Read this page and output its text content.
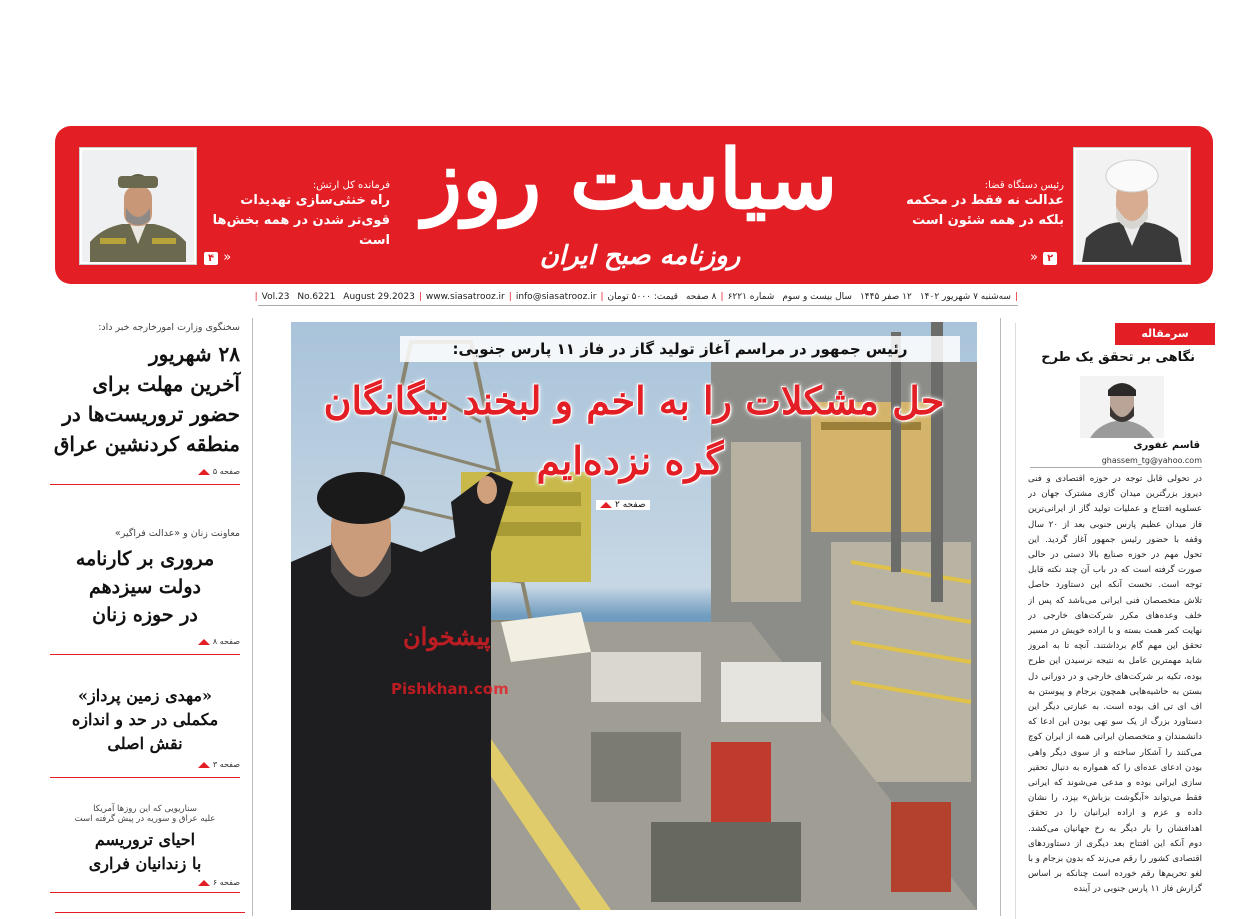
سیاست روز
روزنامه صبح ایران
فرمانده کل ارتش:
راه خنثی‌سازی تهدیدات
قوی‌تر شدن در همه بخش‌ها است
۴ »
رئیس دستگاه قضا:
عدالت نه فقط در محکمه
بلکه در همه شئون است
» ۲
|
سه‌شنبه ۷ شهریور ۱۴۰۲
۱۲ صفر ۱۴۴۵
سال بیست و سوم
شماره ۶۲۲۱
|
۸ صفحه
قیمت: ۵۰۰۰ تومان
|
info@siasatrooz.ir
|
www.siasatrooz.ir
|
August 29.2023
No.6221
Vol.23
|
سخنگوی وزارت امورخارجه خبر داد:
۲۸ شهریور
آخرین مهلت برای
حضور تروریست‌ها در
منطقه کردنشین عراق
صفحه ۵
معاونت زنان و «عدالت فراگیر»
مروری بر کارنامه
دولت سیزدهم
در حوزه زنان
صفحه ۸
«مهدی زمین پرداز»
مکملی در حد و اندازه
نقش اصلی
صفحه ۳
سناریویی که این روزها آمریکا
علیه عراق و سوریه در پیش گرفته است
احیای تروریسم
با زندانیان فراری
صفحه ۶
پیشخوان
Pishkhan.com
رئیس جمهور در مراسم آغاز تولید گاز در فاز ۱۱ پارس جنوبی:
حل مشکلات را به اخم و لبخند بیگانگان
گره نزده‌ایم
صفحه ۲
سرمقاله
نگاهی بر تحقق یک طرح
قاسم غفوری
ghassem_tg@yahoo.com
در تحولی قابل توجه در حوزه اقتصادی و فنی دیروز بزرگترین میدان گازی مشترک جهان در عسلویه افتتاح و عملیات تولید گاز از ایرانی‌ترین فاز میدان عظیم پارس جنوبی بعد از ۲۰ سال وقفه با حضور رئیس جمهور آغاز گردید. این تحول مهم در حوزه صنایع بالا دستی در حالی صورت گرفته است که در باب آن چند نکته قابل توجه است. نخست آنکه این دستاورد حاصل تلاش متخصصان فنی ایرانی می‌باشد که پس از خلف وعده‌های مکرر شرکت‌های خارجی در نهایت کمر همت بسته و با اراده خویش در مسیر تحقق این مهم گام برداشتند. آنچه تا به امروز شاید مهمترین عامل به نتیجه نرسیدن این طرح بوده، تکیه بر شرکت‌های خارجی و در دورانی دل بستن به حاشیه‌هایی همچون برجام و پیوستن به اف ای تی اف بوده است. به عبارتی دیگر این دستاورد بزرگ از یک سو تهی بودن این ادعا که دانشمندان و متخصصان ایرانی همه از ایران کوچ می‌کنند را آشکار ساخته و از سوی دیگر واهی بودن ادعای عده‌ای را که همواره به دنبال تحقیر سازی ایرانی بوده و مدعی می‌شوند که ایرانی فقط می‌تواند «آبگوشت بزباش» بپزد، را نشان داده و عزم و اراده ایرانیان را در تحقق اهدافشان را بار دیگر به رخ جهانیان می‌کشد. دوم آنکه این افتتاح بعد دیگری از دستاوردهای اقتصادی کشور را رقم می‌زند که بدون برجام و با لغو تحریم‌ها رقم خورده است چنانکه بر اساس گزارش فاز ۱۱ پارس جنوبی در آینده
